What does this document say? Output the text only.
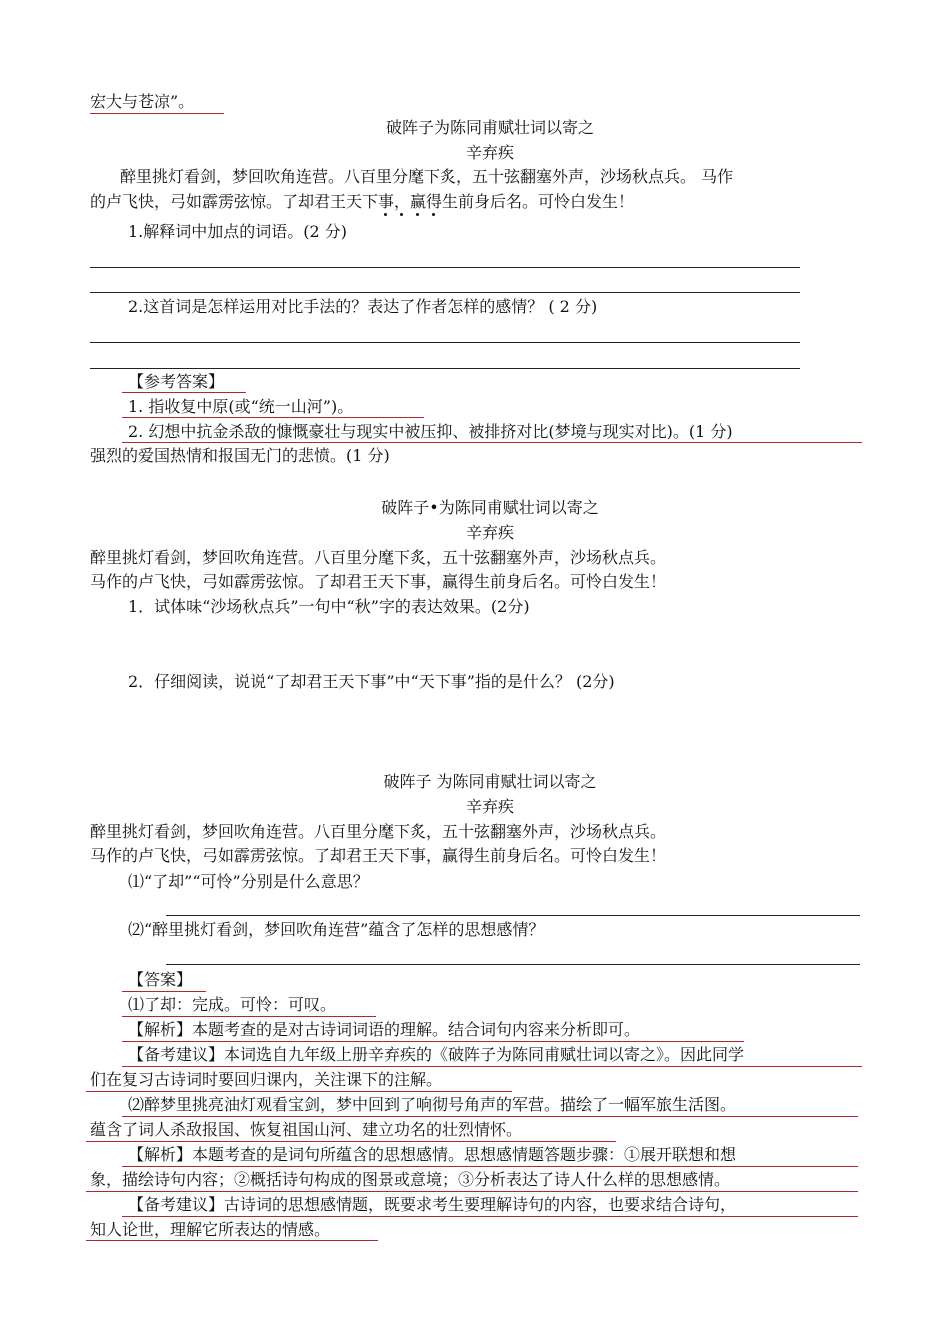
宏大与苍凉”。
破阵子为陈同甫赋壮词以寄之
辛弃疾
醉里挑灯看剑，梦回吹角连营。八百里分麾下炙，五十弦翻塞外声，沙场秋点兵。 马作
的卢飞快，弓如霹雳弦惊。了却君王天下事，赢得生前身后名。可怜白发生！
1.解释词中加点的词语。(2 分)
2.这首词是怎样运用对比手法的？表达了作者怎样的感情？ ( 2 分)
【参考答案】
1. 指收复中原(或“统一山河”)。
2. 幻想中抗金杀敌的慷慨豪壮与现实中被压抑、被排挤对比(梦境与现实对比)。(1 分)
强烈的爱国热情和报国无门的悲愤。(1 分)
破阵子•为陈同甫赋壮词以寄之
辛弃疾
醉里挑灯看剑，梦回吹角连营。八百里分麾下炙，五十弦翻塞外声，沙场秋点兵。
马作的卢飞快，弓如霹雳弦惊。了却君王天下事，赢得生前身后名。可怜白发生！
1．试体味“沙场秋点兵”一句中“秋”字的表达效果。(2分)
2．仔细阅读，说说“了却君王天下事”中“天下事”指的是什么？ (2分)
破阵子 为陈同甫赋壮词以寄之
辛弃疾
醉里挑灯看剑，梦回吹角连营。八百里分麾下炙，五十弦翻塞外声，沙场秋点兵。
马作的卢飞快，弓如霹雳弦惊。了却君王天下事，赢得生前身后名。可怜白发生！
⑴“了却”“可怜”分别是什么意思？
⑵“醉里挑灯看剑，梦回吹角连营”蕴含了怎样的思想感情？
【答案】
⑴了却：完成。可怜：可叹。
【解析】本题考查的是对古诗词词语的理解。结合词句内容来分析即可。
【备考建议】本词选自九年级上册辛弃疾的《破阵子为陈同甫赋壮词以寄之》。因此同学
们在复习古诗词时要回归课内，关注课下的注解。
⑵醉梦里挑亮油灯观看宝剑，梦中回到了响彻号角声的军营。描绘了一幅军旅生活图。
蕴含了词人杀敌报国、恢复祖国山河、建立功名的壮烈情怀。
【解析】本题考查的是词句所蕴含的思想感情。思想感情题答题步骤：①展开联想和想
象，描绘诗句内容；②概括诗句构成的图景或意境；③分析表达了诗人什么样的思想感情。
【备考建议】古诗词的思想感情题，既要求考生要理解诗句的内容，也要求结合诗句，
知人论世，理解它所表达的情感。
